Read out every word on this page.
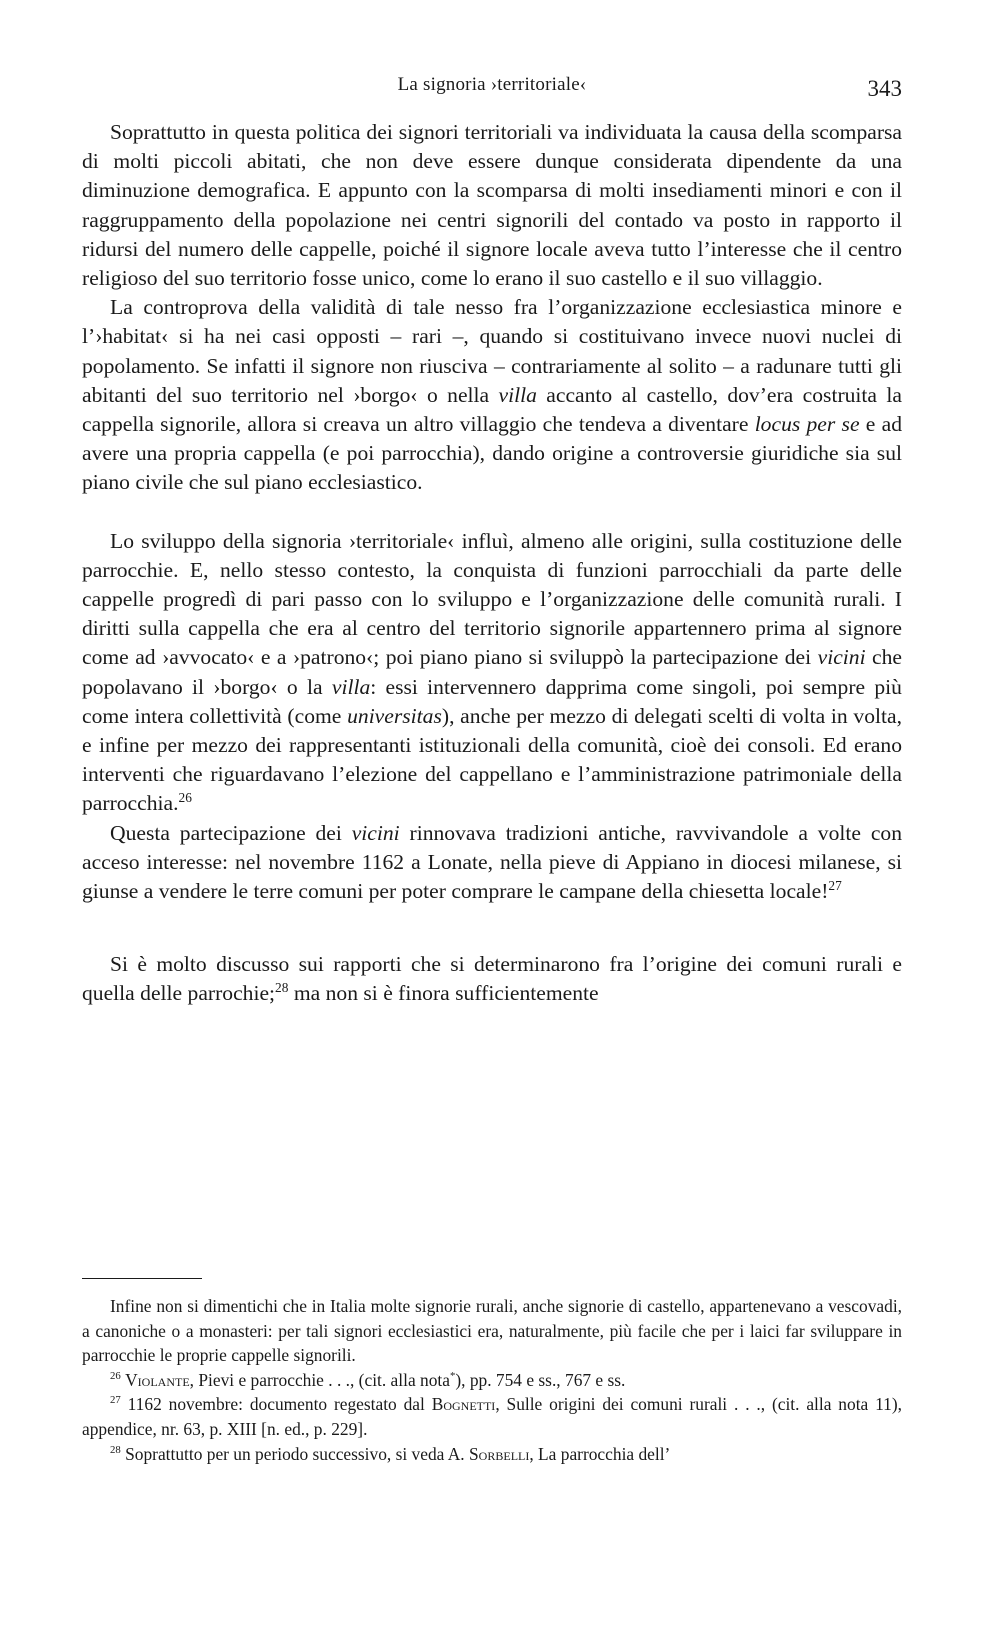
La signoria ›territoriale‹	343

Soprattutto in questa politica dei signori territoriali va individuata la causa della scomparsa di molti piccoli abitati, che non deve essere dunque considerata dipendente da una diminuzione demografica. E appunto con la scomparsa di molti insediamenti minori e con il raggruppamento della popolazione nei centri signorili del contado va posto in rapporto il ridursi del numero delle cappelle, poiché il signore locale aveva tutto l’interesse che il centro religioso del suo territorio fosse unico, come lo erano il suo castello e il suo villaggio.

La controprova della validità di tale nesso fra l’organizzazione ecclesiastica minore e l’›habitat‹ si ha nei casi opposti – rari –, quando si costituivano invece nuovi nuclei di popolamento. Se infatti il signore non riusciva – contrariamente al solito – a radunare tutti gli abitanti del suo territorio nel ›borgo‹ o nella villa accanto al castello, dov’era costruita la cappella signorile, allora si creava un altro villaggio che tendeva a diventare locus per se e ad avere una propria cappella (e poi parrocchia), dando origine a controversie giuridiche sia sul piano civile che sul piano ecclesiastico.

Lo sviluppo della signoria ›territoriale‹ influì, almeno alle origini, sulla costituzione delle parrocchie. E, nello stesso contesto, la conquista di funzioni parrocchiali da parte delle cappelle progredì di pari passo con lo sviluppo e l’organizzazione delle comunità rurali. I diritti sulla cappella che era al centro del territorio signorile appartennero prima al signore come ad ›avvocato‹ e a ›patrono‹; poi piano piano si sviluppò la partecipazione dei vicini che popolavano il ›borgo‹ o la villa: essi intervennero dapprima come singoli, poi sempre più come intera collettività (come universitas), anche per mezzo di delegati scelti di volta in volta, e infine per mezzo dei rappresentanti istituzionali della comunità, cioè dei consoli. Ed erano interventi che riguardavano l’elezione del cappellano e l’amministrazione patrimoniale della parrocchia.$^{26}$

Questa partecipazione dei vicini rinnovava tradizioni antiche, ravvivandole a volte con acceso interesse: nel novembre 1162 a Lonate, nella pieve di Appiano in diocesi milanese, si giunse a vendere le terre comuni per poter comprare le campane della chiesetta locale!$^{27}$

Si è molto discusso sui rapporti che si determinarono fra l’origine dei comuni rurali e quella delle parrochie;$^{28}$ ma non si è finora sufficientemente

Infine non si dimentichi che in Italia molte signorie rurali, anche signorie di castello, appartenevano a vescovadi, a canoniche o a monasteri: per tali signori ecclesiastici era, naturalmente, più facile che per i laici far sviluppare in parrocchie le proprie cappelle signorili.

$^{26}$ Violante, Pievi e parrocchie . . ., (cit. alla nota*), pp. 754 e ss., 767 e ss.

$^{27}$ 1162 novembre: documento regestato dal Bognetti, Sulle origini dei comuni rurali . . ., (cit. alla nota 11), appendice, nr. 63, p. XIII [n. ed., p. 229].

$^{28}$ Soprattutto per un periodo successivo, si veda A. Sorbelli, La parrocchia dell’
